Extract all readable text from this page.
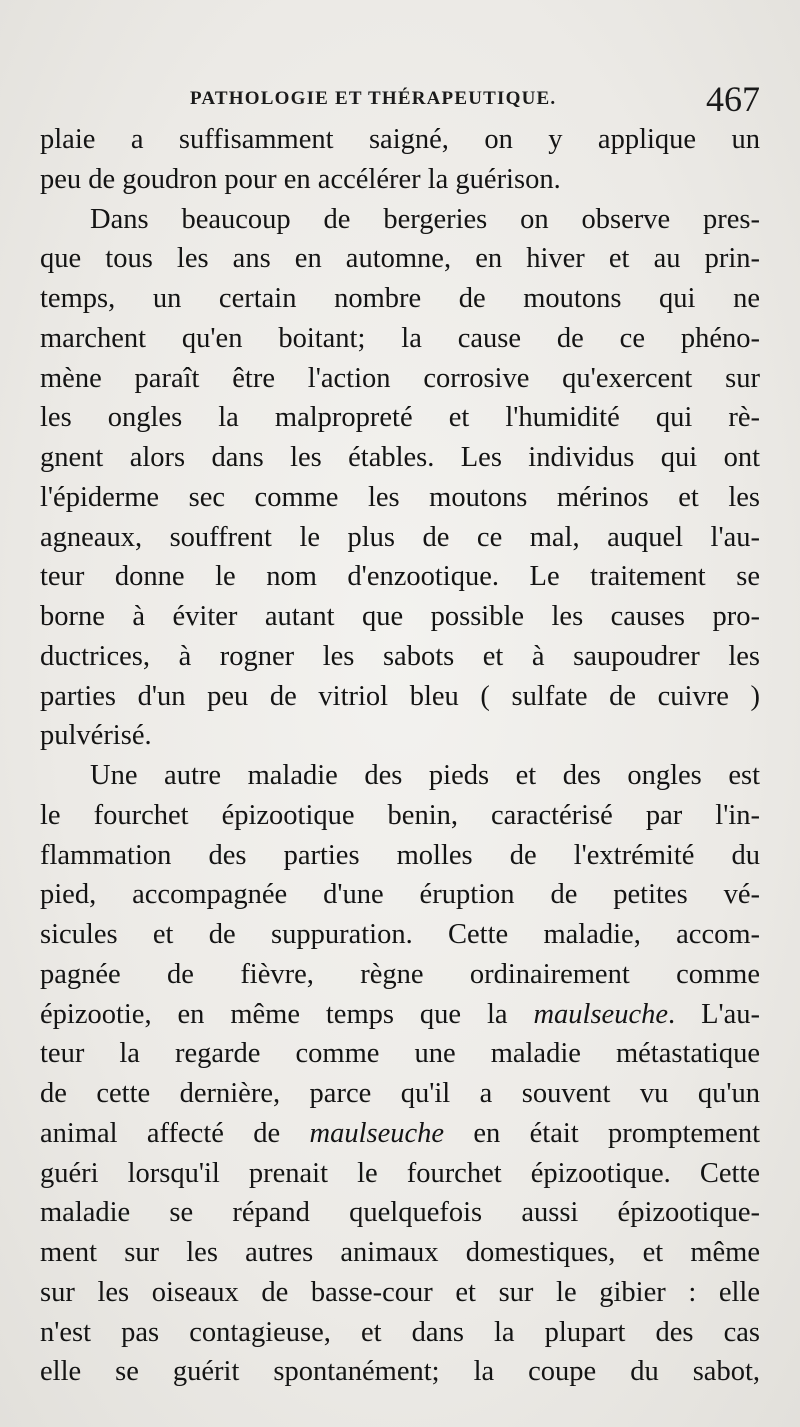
PATHOLOGIE ET THÉRAPEUTIQUE.	467
plaie a suffisamment saigné, on y applique un
peu de goudron pour en accélérer la guérison.
Dans beaucoup de bergeries on observe pres-
que tous les ans en automne, en hiver et au prin-
temps, un certain nombre de moutons qui ne
marchent qu'en boitant; la cause de ce phéno-
mène paraît être l'action corrosive qu'exercent sur
les ongles la malpropreté et l'humidité qui rè-
gnent alors dans les étables. Les individus qui ont
l'épiderme sec comme les moutons mérinos et les
agneaux, souffrent le plus de ce mal, auquel l'au-
teur donne le nom d'enzootique. Le traitement se
borne à éviter autant que possible les causes pro-
ductrices, à rogner les sabots et à saupoudrer les
parties d'un peu de vitriol bleu ( sulfate de cuivre )
pulvérisé.
Une autre maladie des pieds et des ongles est
le fourchet épizootique benin, caractérisé par l'in-
flammation des parties molles de l'extrémité du
pied, accompagnée d'une éruption de petites vé-
sicules et de suppuration. Cette maladie, accom-
pagnée de fièvre, règne ordinairement comme
épizootie, en même temps que la maulseuche. L'au-
teur la regarde comme une maladie métastatique
de cette dernière, parce qu'il a souvent vu qu'un
animal affecté de maulseuche en était promptement
guéri lorsqu'il prenait le fourchet épizootique. Cette
maladie se répand quelquefois aussi épizootique-
ment sur les autres animaux domestiques, et même
sur les oiseaux de basse-cour et sur le gibier : elle
n'est pas contagieuse, et dans la plupart des cas
elle se guérit spontanément; la coupe du sabot,
